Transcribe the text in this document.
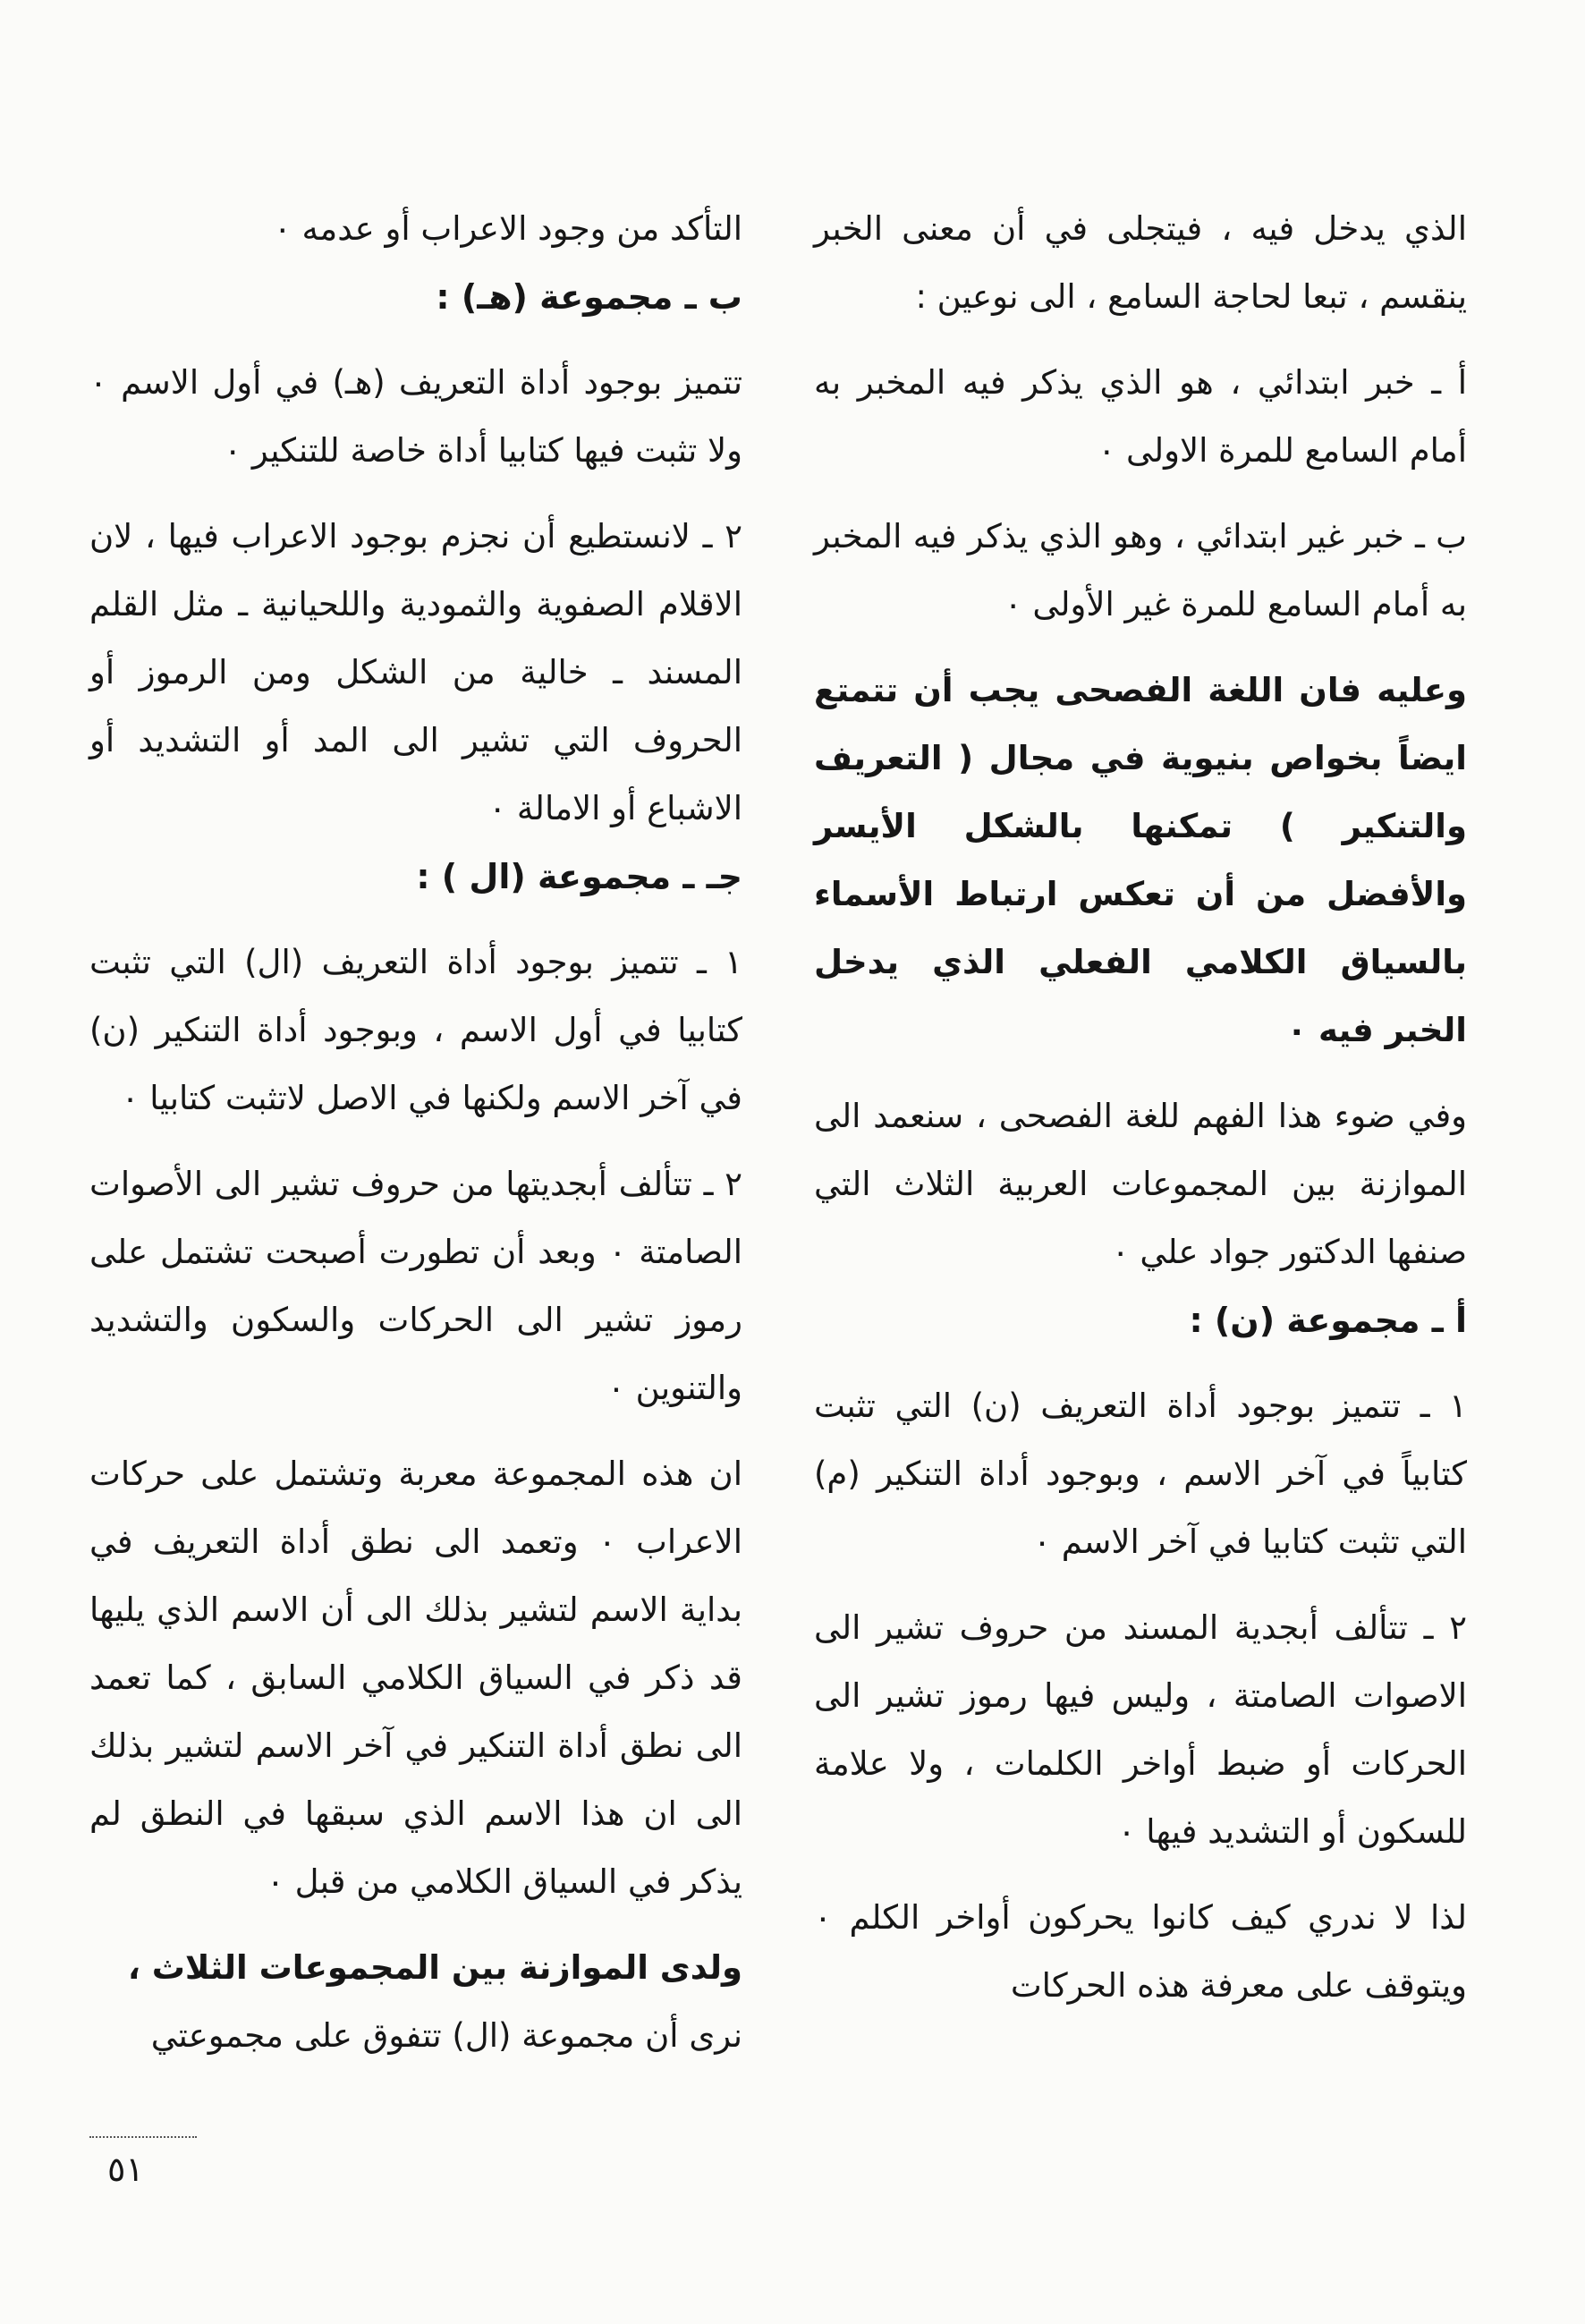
الذي يدخل فيه ، فيتجلى في أن معنى الخبر ينقسم ، تبعا لحاجة السامع ، الى نوعين :

أ ـ خبر ابتدائي ، هو الذي يذكر فيه المخبر به أمام السامع للمرة الاولى ٠

ب ـ خبر غير ابتدائي ، وهو الذي يذكر فيه المخبر به أمام السامع للمرة غير الأولى ٠

وعليه فان اللغة الفصحى يجب أن تتمتع ايضاً بخواص بنيوية في مجال ( التعريف والتنكير ) تمكنها بالشكل الأيسر والأفضل من أن تعكس ارتباط الأسماء بالسياق الكلامي الفعلي الذي يدخل الخبر فيه ٠

وفي ضوء هذا الفهم للغة الفصحى ، سنعمد الى الموازنة بين المجموعات العربية الثلاث التي صنفها الدكتور جواد علي ٠

أ ـ مجموعة (ن) :

١ ـ تتميز بوجود أداة التعريف (ن) التي تثبت كتابياً في آخر الاسم ، وبوجود أداة التنكير (م) التي تثبت كتابيا في آخر الاسم ٠

٢ ـ تتألف أبجدية المسند من حروف تشير الى الاصوات الصامتة ، وليس فيها رموز تشير الى الحركات أو ضبط أواخر الكلمات ، ولا علامة للسكون أو التشديد فيها ٠

لذا لا ندري كيف كانوا يحركون أواخر الكلم ٠ ويتوقف على معرفة هذه الحركات

التأكد من وجود الاعراب أو عدمه ٠

ب ـ مجموعة (هـ) :

تتميز بوجود أداة التعريف (هـ) في أول الاسم ٠ ولا تثبت فيها كتابيا أداة خاصة للتنكير ٠

٢ ـ لانستطيع أن نجزم بوجود الاعراب فيها ، لان الاقلام الصفوية والثمودية واللحيانية ـ مثل القلم المسند ـ خالية من الشكل ومن الرموز أو الحروف التي تشير الى المد أو التشديد أو الاشباع أو الامالة ٠

جـ ـ مجموعة (ال ) :

١ ـ تتميز بوجود أداة التعريف (ال) التي تثبت كتابيا في أول الاسم ، وبوجود أداة التنكير (ن) في آخر الاسم ولكنها في الاصل لاتثبت كتابيا ٠

٢ ـ تتألف أبجديتها من حروف تشير الى الأصوات الصامتة ٠ وبعد أن تطورت أصبحت تشتمل على رموز تشير الى الحركات والسكون والتشديد والتنوين ٠

ان هذه المجموعة معربة وتشتمل على حركات الاعراب ٠ وتعمد الى نطق أداة التعريف في بداية الاسم لتشير بذلك الى أن الاسم الذي يليها قد ذكر في السياق الكلامي السابق ، كما تعمد الى نطق أداة التنكير في آخر الاسم لتشير بذلك الى ان هذا الاسم الذي سبقها في النطق لم يذكر في السياق الكلامي من قبل ٠

ولدى الموازنة بين المجموعات الثلاث ،
نرى أن مجموعة (ال) تتفوق على مجموعتي

٥١
